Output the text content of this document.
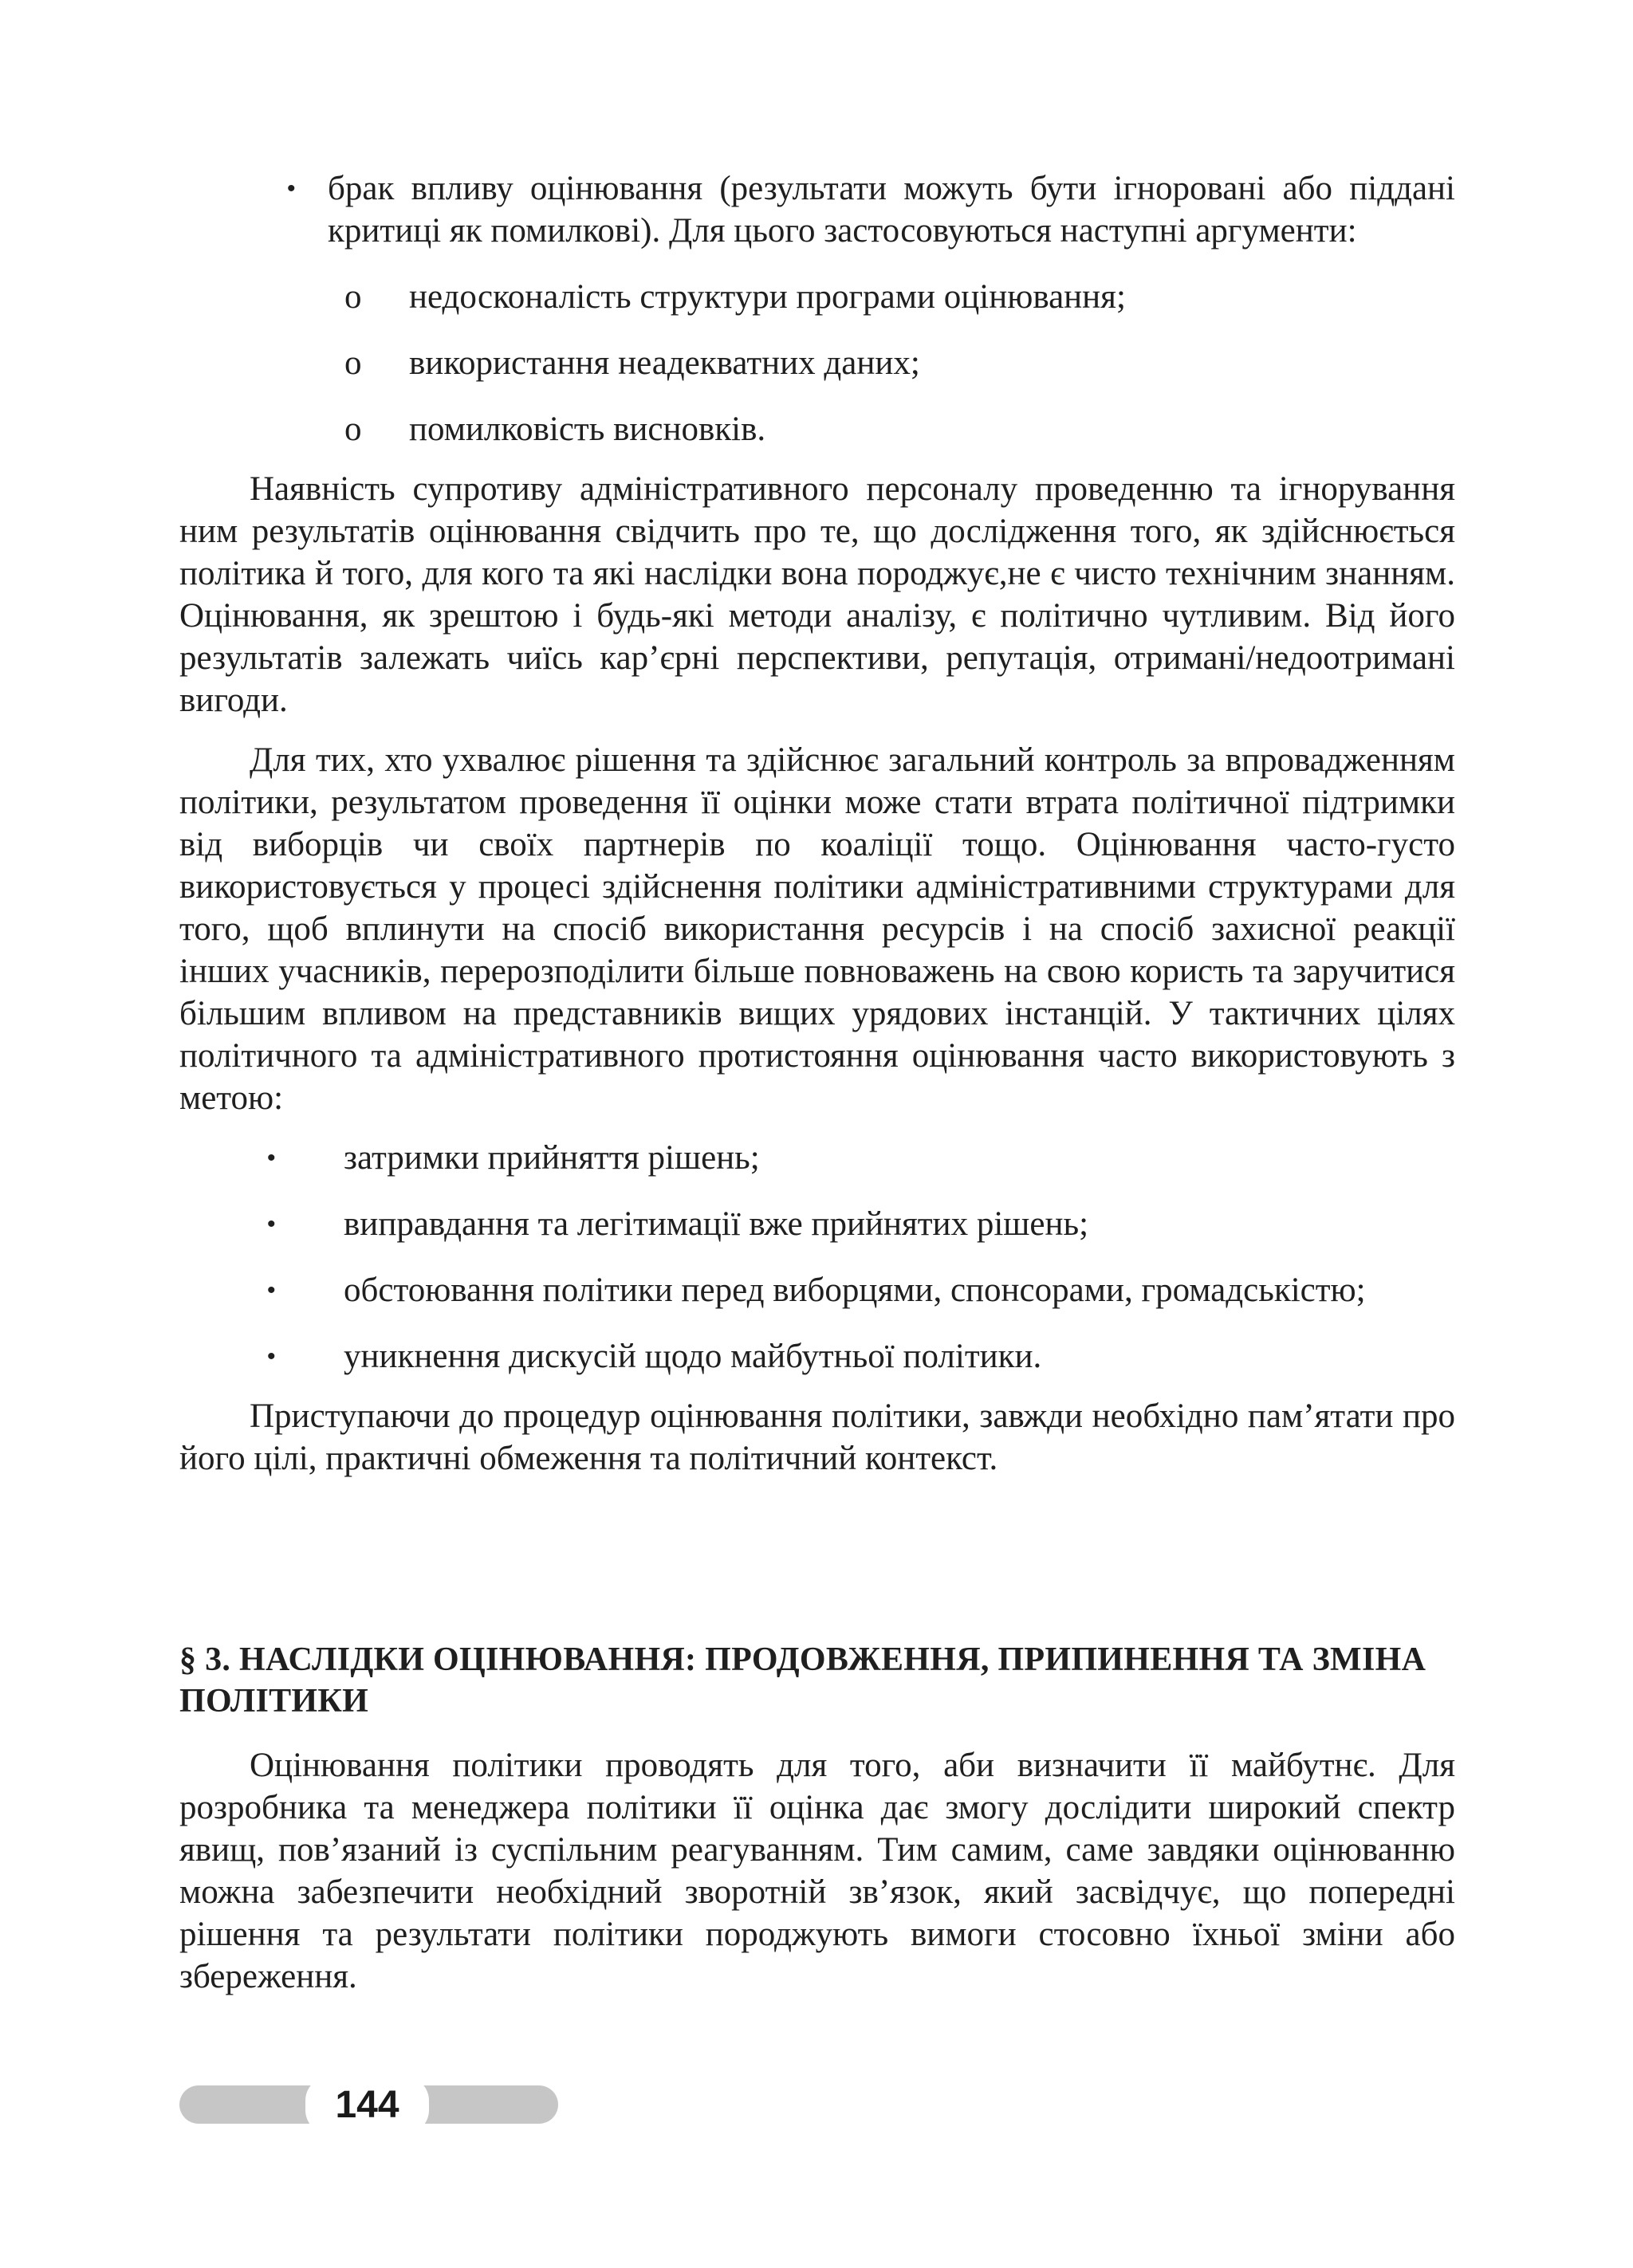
• брак впливу оцінювання (результати можуть бути ігноровані або піддані критиці як помилкові). Для цього застосовуються наступні аргументи:

o недосконаліcть структури програми оцінювання;

o використання неадекватних даних;

o помилковість висновків.

Наявність супротиву адміністративного персоналу проведенню та ігнорування ним результатів оцінювання свідчить про те, що дослідження того, як здійснюється політика й того, для кого та які наслідки вона породжує,не є чисто технічним знанням. Оцінювання, як зрештою і будь-які методи аналізу, є політично чутливим. Від його результатів залежать чиїсь кар’єрні перспективи, репутація, отримані/недоотримані вигоди.

Для тих, хто ухвалює рішення та здійснює загальний контроль за впровадженням політики, результатом проведення її оцінки може стати втрата політичної підтримки від виборців чи своїх партнерів по коаліції тощо. Оцінювання часто-густо використовується у процесі здійснення політики адміністративними структурами для того, щоб вплинути на спосіб використання ресурсів і на спосіб захисної реакції інших учасників, перерозподілити більше повноважень на свою користь та заручитися більшим впливом на представників вищих урядових інстанцій. У тактичних цілях політичного та адміністративного протистояння оцінювання часто використовують з метою:

• затримки прийняття рішень;

• виправдання та легітимації вже прийнятих рішень;

• обстоювання політики перед виборцями, спонсорами, громадськістю;

• уникнення дискусій щодо майбутньої політики.

Приступаючи до процедур оцінювання політики, завжди необхідно пам’ятати про його цілі, практичні обмеження та політичний контекст.

§ 3. НАСЛІДКИ ОЦІНЮВАННЯ: ПРОДОВЖЕННЯ, ПРИПИНЕННЯ ТА ЗМІНА ПОЛІТИКИ

Оцінювання політики проводять для того, аби визначити її майбутнє. Для розробника та менеджера політики її оцінка дає змогу дослідити широкий спектр явищ, пов’язаний із суспільним реагуванням. Тим самим, саме завдяки оцінюванню можна забезпечити необхідний зворотній зв’язок, який засвідчує, що попередні рішення та результати політики породжують вимоги стосовно їхньої зміни або збереження.

144
